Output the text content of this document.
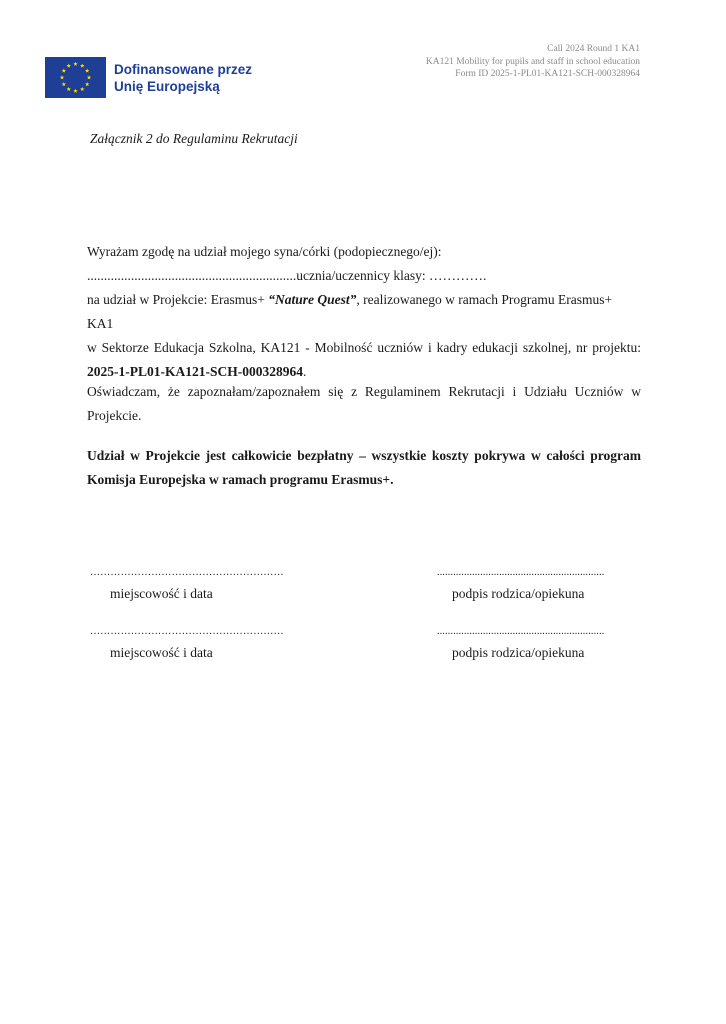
Dofinansowane przez
Unię Europejską
Call 2024 Round 1 KA1
KA121 Mobility for pupils and staff in school education
Form ID 2025-1-PL01-KA121-SCH-000328964
Załącznik 2 do Regulaminu Rekrutacji
Wyrażam zgodę na udział mojego syna/córki (podopiecznego/ej):
..............................................................ucznia/uczennicy klasy: ………….
na udział w Projekcie: Erasmus+ “Nature Quest”, realizowanego w ramach Programu Erasmus+ KA1
w Sektorze Edukacja Szkolna, KA121 - Mobilność uczniów i kadry edukacji szkolnej, nr projektu:
2025-1-PL01-KA121-SCH-000328964.
Oświadczam, że zapoznałam/zapoznałem się z Regulaminem Rekrutacji i Udziału Uczniów w Projekcie.
Udział w Projekcie jest całkowicie bezpłatny – wszystkie koszty pokrywa w całości program Komisja Europejska w ramach programu Erasmus+.
…………………………………………………
miejscowość i data
..............................................................
podpis rodzica/opiekuna
…………………………………………………
miejscowość i data
..............................................................
podpis rodzica/opiekuna
